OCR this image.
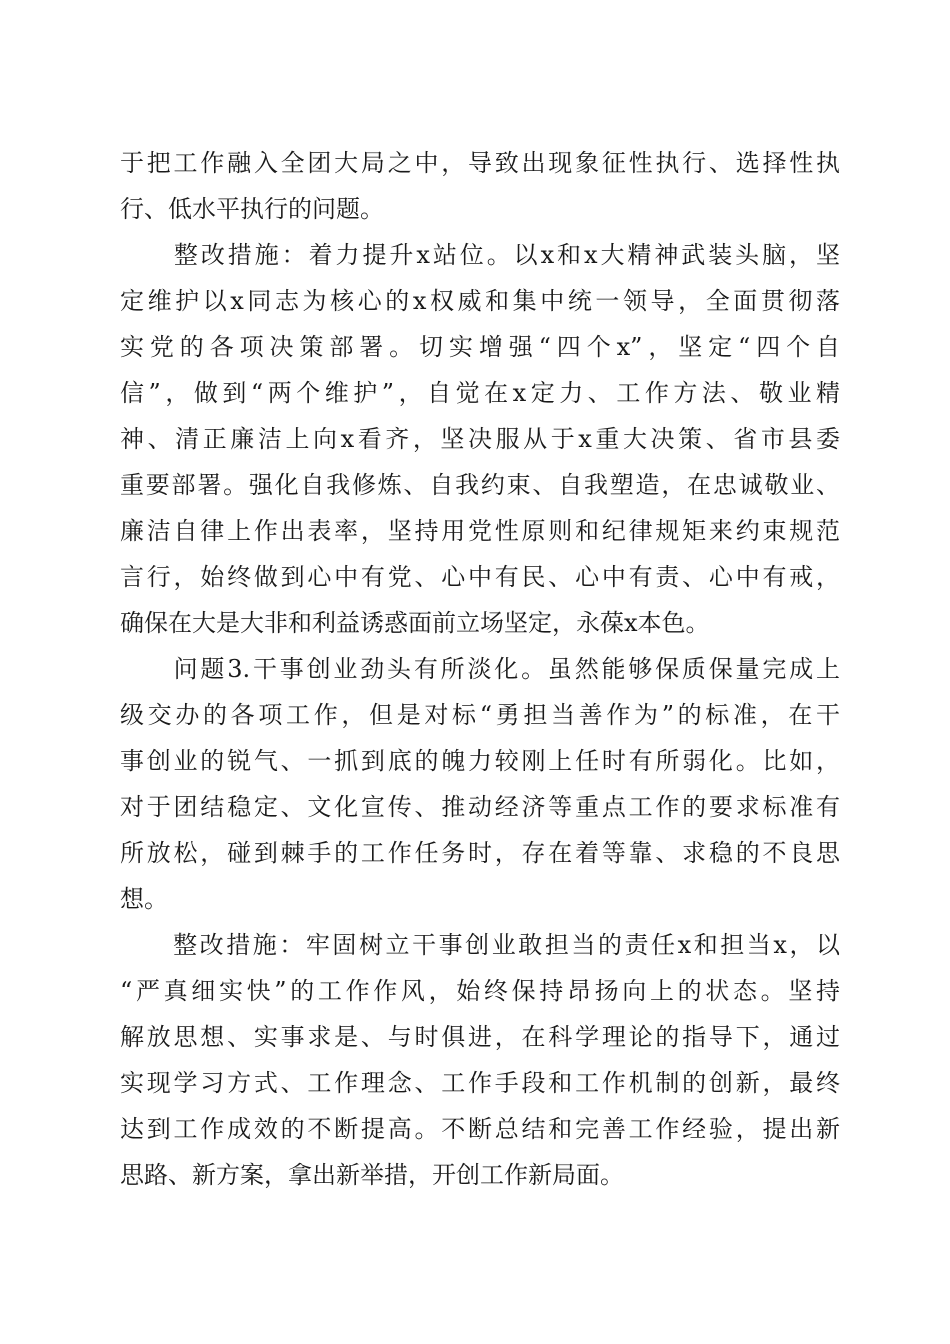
于把工作融入全团大局之中，导致出现象征性执行、选择性执
行、低水平执行的问题。
　　整改措施：着力提升x站位。以x和x大精神武装头脑，坚
定维护以x同志为核心的x权威和集中统一领导，全面贯彻落
实党的各项决策部署。切实增强“四个x”，坚定“四个自
信”，做到“两个维护”，自觉在x定力、工作方法、敬业精
神、清正廉洁上向x看齐，坚决服从于x重大决策、省市县委
重要部署。强化自我修炼、自我约束、自我塑造，在忠诚敬业、
廉洁自律上作出表率，坚持用党性原则和纪律规矩来约束规范
言行，始终做到心中有党、心中有民、心中有责、心中有戒，
确保在大是大非和利益诱惑面前立场坚定，永葆x本色。
　　问题3.干事创业劲头有所淡化。虽然能够保质保量完成上
级交办的各项工作，但是对标“勇担当善作为”的标准，在干
事创业的锐气、一抓到底的魄力较刚上任时有所弱化。比如，
对于团结稳定、文化宣传、推动经济等重点工作的要求标准有
所放松，碰到棘手的工作任务时，存在着等靠、求稳的不良思
想。
　　整改措施：牢固树立干事创业敢担当的责任x和担当x，以
“严真细实快”的工作作风，始终保持昂扬向上的状态。坚持
解放思想、实事求是、与时俱进，在科学理论的指导下，通过
实现学习方式、工作理念、工作手段和工作机制的创新，最终
达到工作成效的不断提高。不断总结和完善工作经验，提出新
思路、新方案，拿出新举措，开创工作新局面。
